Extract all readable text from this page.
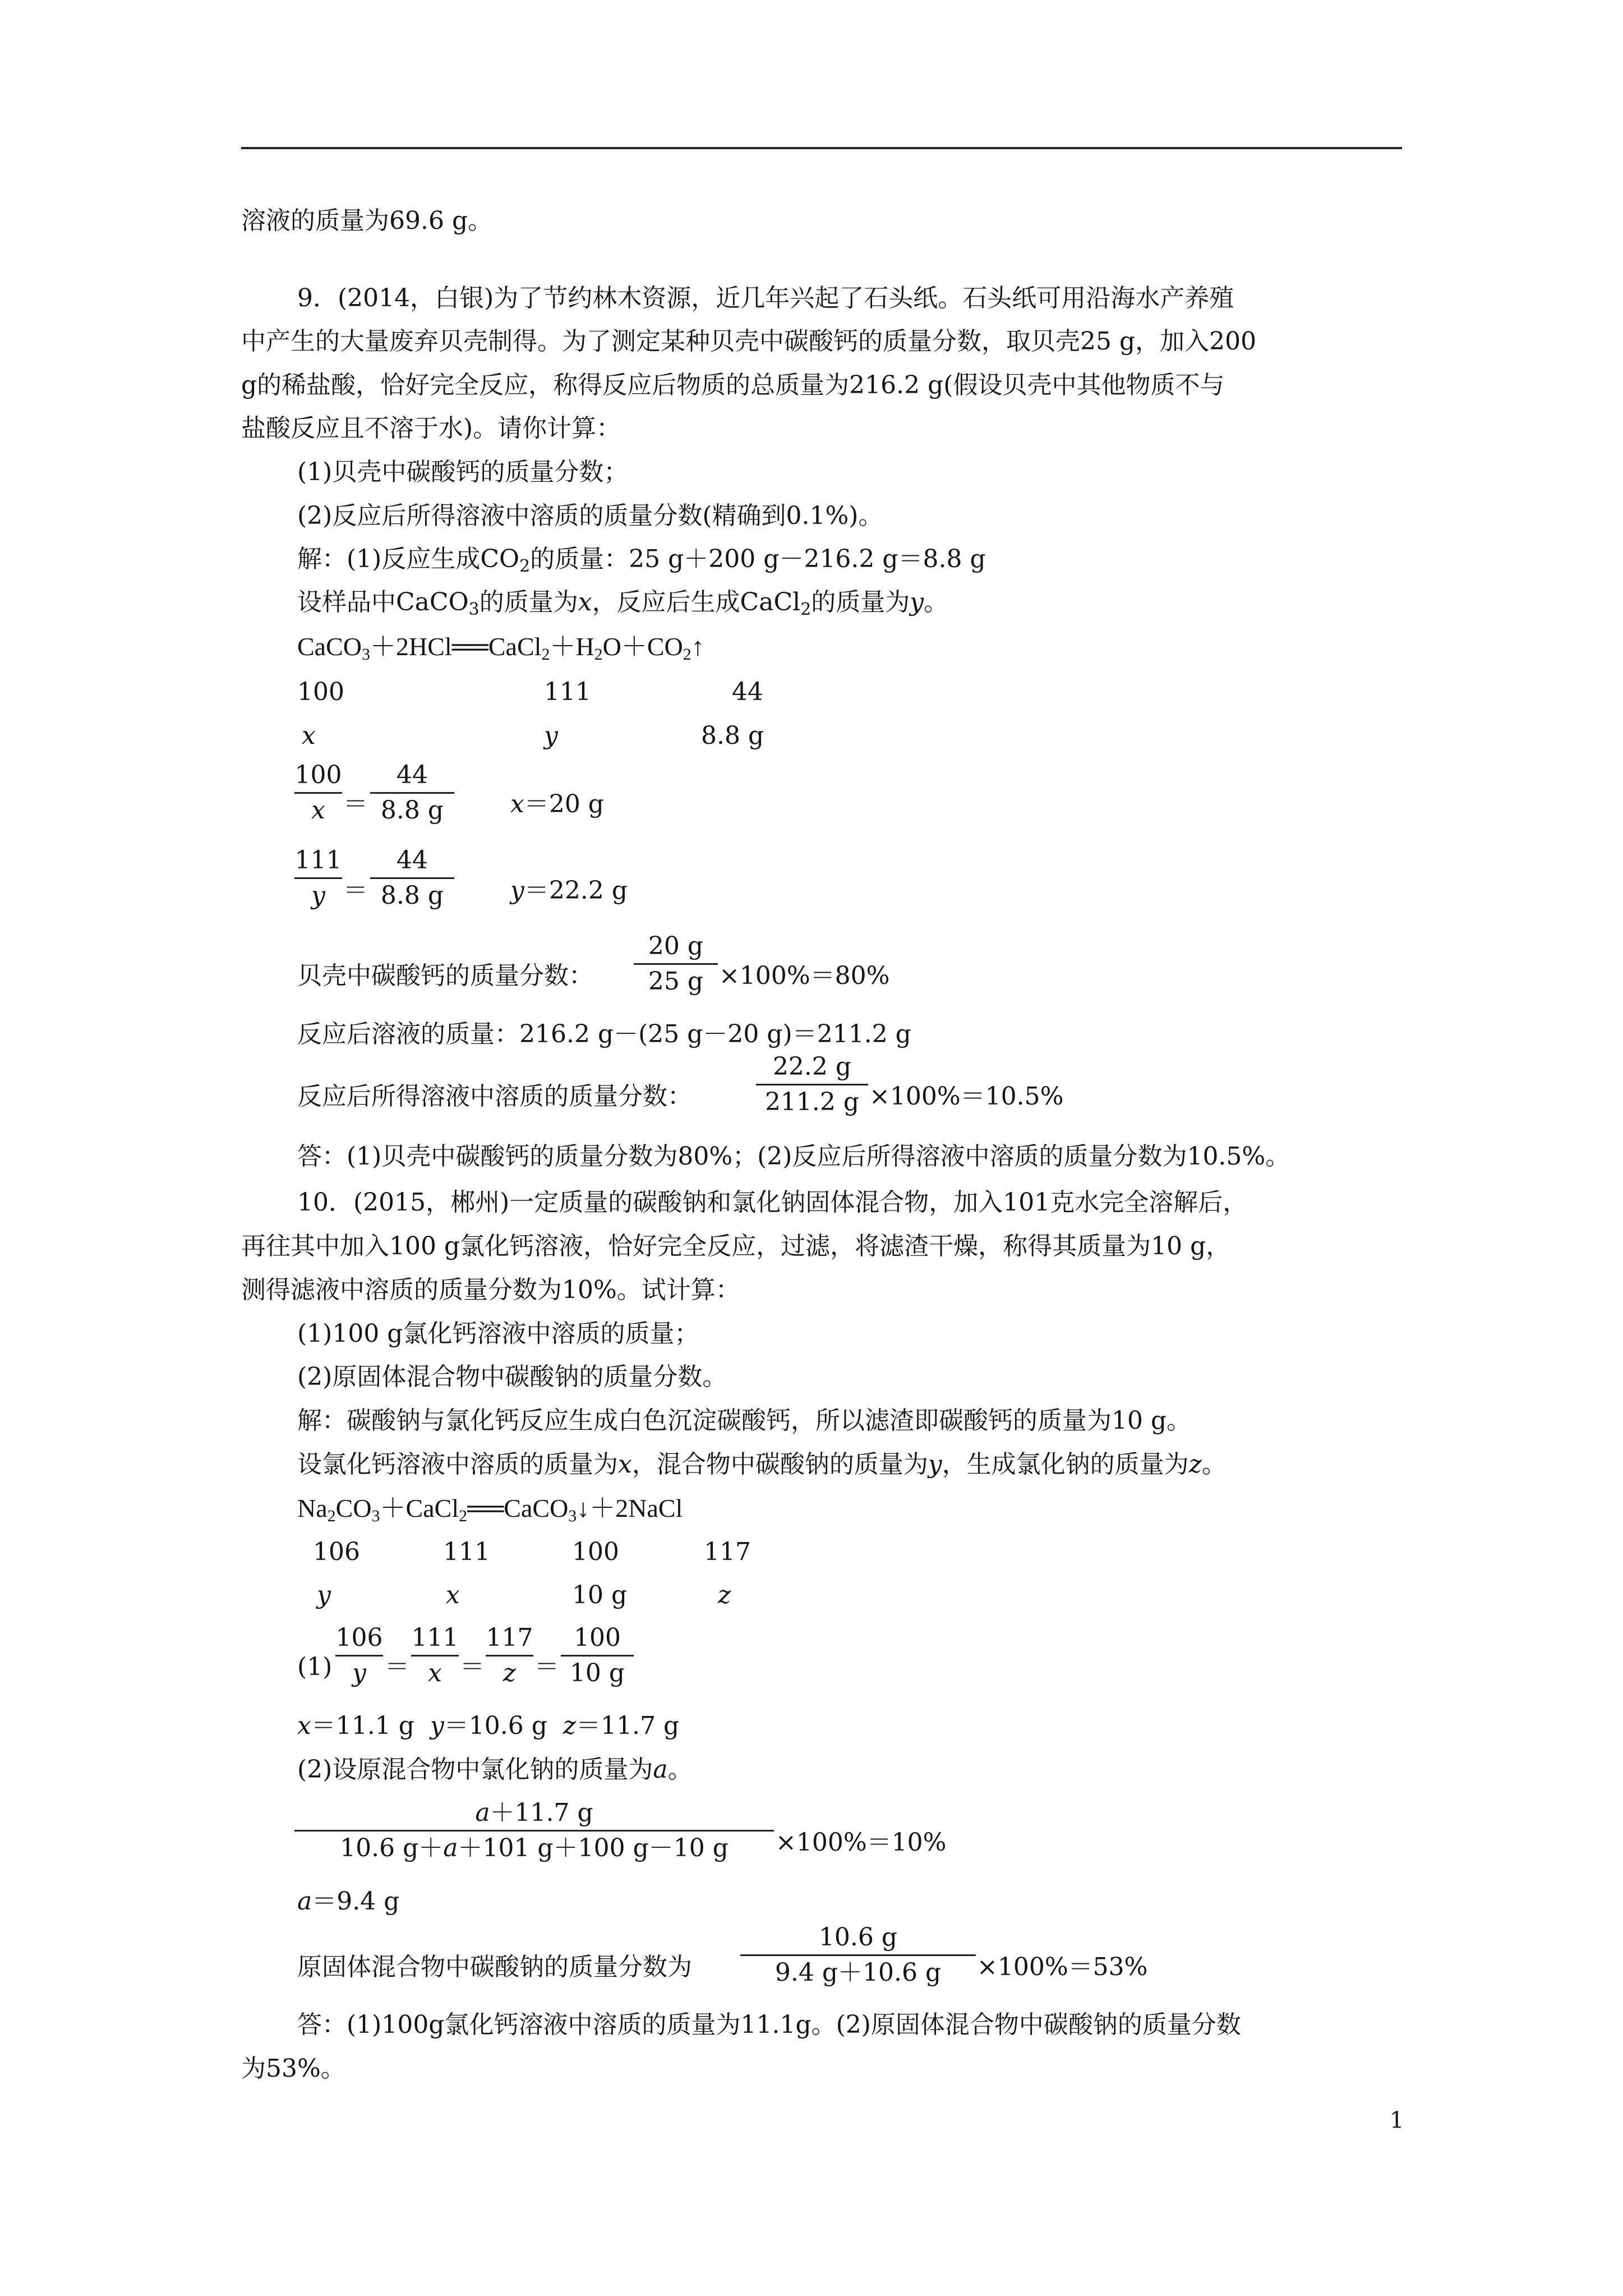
溶液的质量为69.6 g。
9．(2014，白银)为了节约林木资源，近几年兴起了石头纸。石头纸可用沿海水产养殖
中产生的大量废弃贝壳制得。为了测定某种贝壳中碳酸钙的质量分数，取贝壳25 g，加入200
g的稀盐酸，恰好完全反应，称得反应后物质的总质量为216.2 g(假设贝壳中其他物质不与
盐酸反应且不溶于水)。请你计算：
(1)贝壳中碳酸钙的质量分数；
(2)反应后所得溶液中溶质的质量分数(精确到0.1%)。
解：(1)反应生成$CO_2$的质量：25 g＋200 g－216.2 g＝8.8 g
设样品中CaCO$_3$的质量为x，反应后生成CaCl$_2$的质量为y。
$CaCO_3+2HCl══CaCl_2+H_2O+CO_2↑$
100	111	44
x	y	8.8 g
100
x ＝
44
8.8 g	x＝20 g
111
y ＝
44
8.8 g	y＝22.2 g
贝壳中碳酸钙的质量分数：
20 g
25 g ×100%＝80%
反应后溶液的质量：216.2 g－(25 g－20 g)＝211.2 g
反应后所得溶液中溶质的质量分数：
22.2 g
211.2 g ×100%＝10.5%
答：(1)贝壳中碳酸钙的质量分数为80%；(2)反应后所得溶液中溶质的质量分数为10.5%。
10．(2015，郴州)一定质量的碳酸钠和氯化钠固体混合物，加入101克水完全溶解后，
再往其中加入100 g氯化钙溶液，恰好完全反应，过滤，将滤渣干燥，称得其质量为10 g，
测得滤液中溶质的质量分数为10%。试计算：
(1)100 g氯化钙溶液中溶质的质量；
(2)原固体混合物中碳酸钠的质量分数。
解：碳酸钠与氯化钙反应生成白色沉淀碳酸钙，所以滤渣即碳酸钙的质量为10 g。
设氯化钙溶液中溶质的质量为x，混合物中碳酸钠的质量为y，生成氯化钠的质量为z。
$Na_2CO_3+CaCl_2══CaCO_3↓+2NaCl$
106	111	100	117
y	x	10 g	z
(1)
106
y ＝
111
x ＝
117
z ＝
100
10 g
x＝11.1 g y＝10.6 g z＝11.7 g
(2)设原混合物中氯化钠的质量为a。
a＋11.7 g
10.6 g＋a＋101 g＋100 g－10 g	×100%＝10%
a＝9.4 g
原固体混合物中碳酸钠的质量分数为
10.6 g
9.4 g＋10.6 g	×100%＝53%
答：(1)100g氯化钙溶液中溶质的质量为11.1g。(2)原固体混合物中碳酸钠的质量分数
为53%。
1
